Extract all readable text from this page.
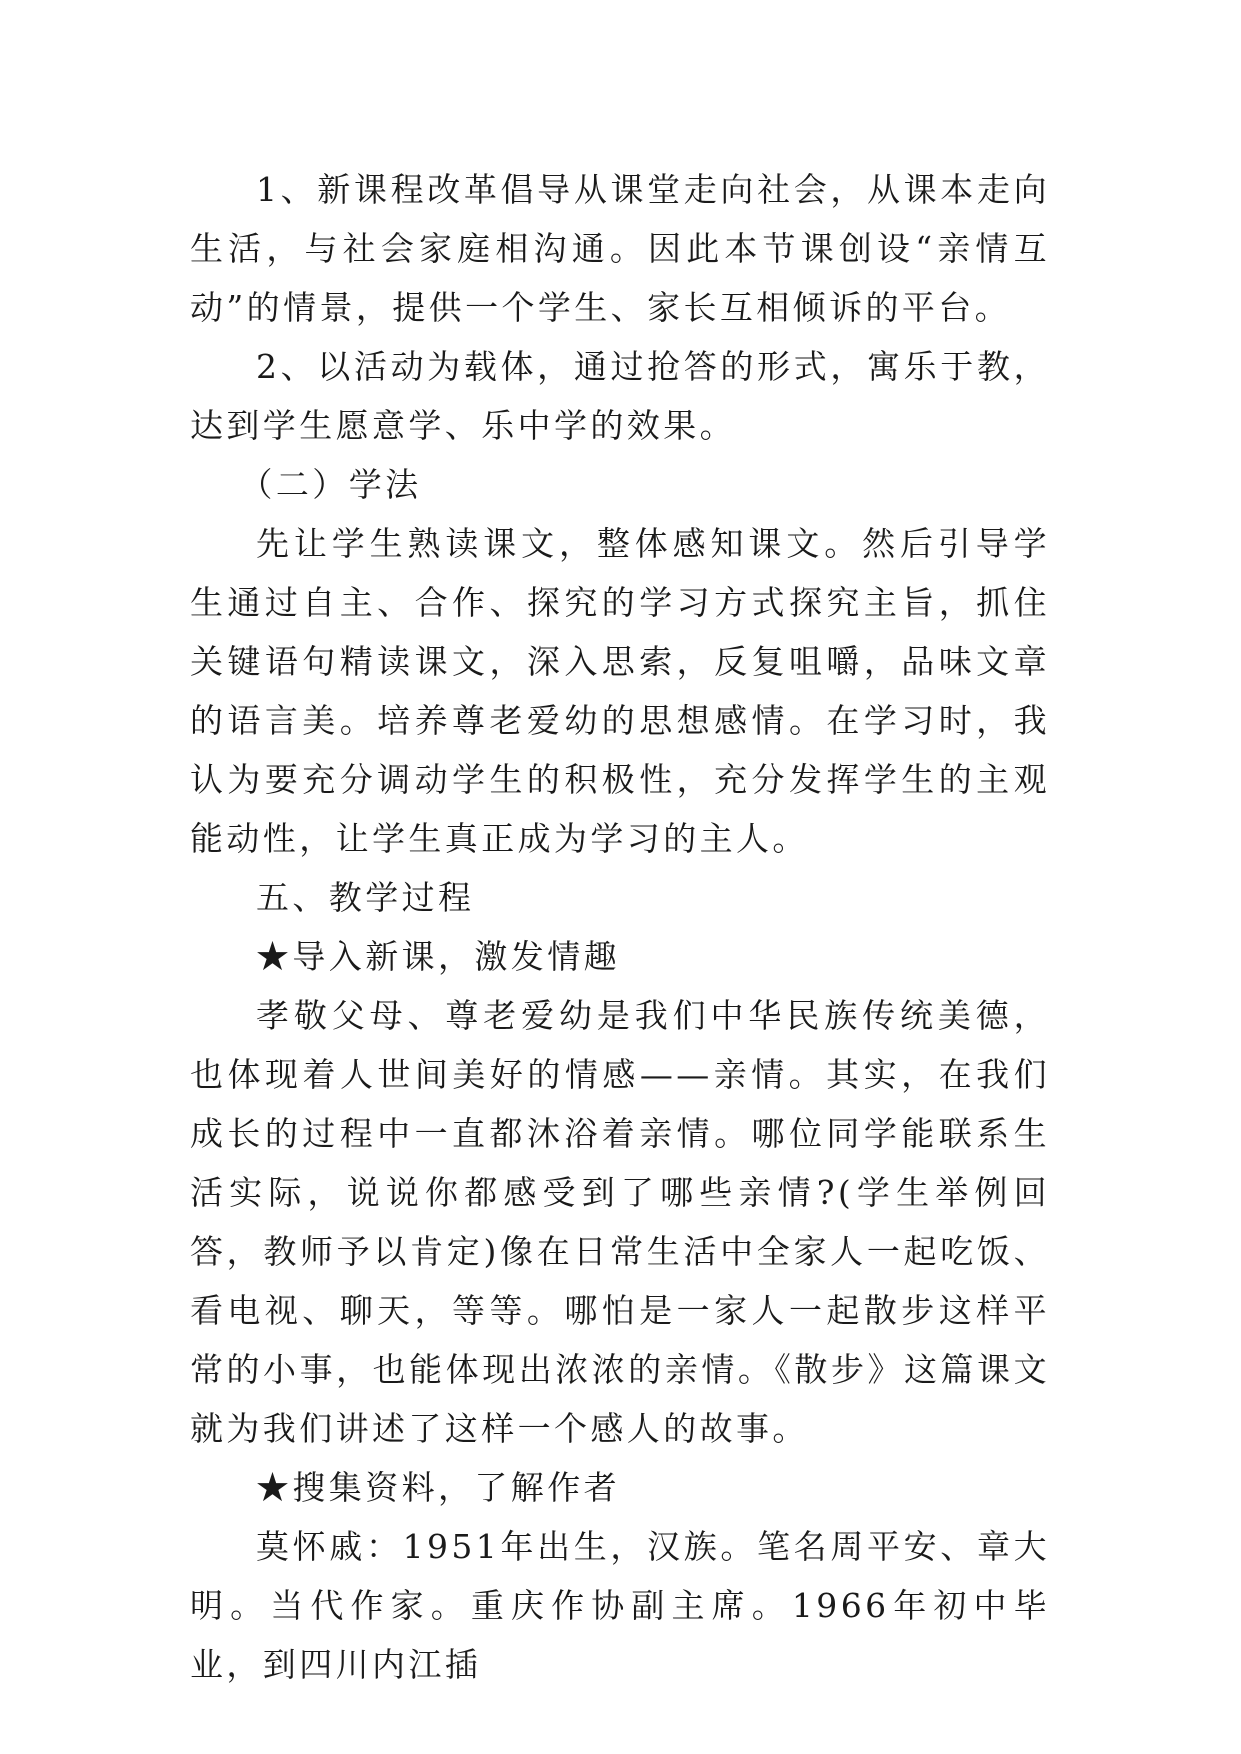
1、新课程改革倡导从课堂走向社会，从课本走向生活，与社会家庭相沟通。因此本节课创设“亲情互动”的情景，提供一个学生、家长互相倾诉的平台。

2、以活动为载体，通过抢答的形式，寓乐于教，达到学生愿意学、乐中学的效果。

（二）学法

先让学生熟读课文，整体感知课文。然后引导学生通过自主、合作、探究的学习方式探究主旨，抓住关键语句精读课文，深入思索，反复咀嚼，品味文章的语言美。培养尊老爱幼的思想感情。在学习时，我认为要充分调动学生的积极性，充分发挥学生的主观能动性，让学生真正成为学习的主人。

五、教学过程

★导入新课，激发情趣

孝敬父母、尊老爱幼是我们中华民族传统美德，也体现着人世间美好的情感——亲情。其实，在我们成长的过程中一直都沐浴着亲情。哪位同学能联系生活实际，说说你都感受到了哪些亲情?(学生举例回答，教师予以肯定)像在日常生活中全家人一起吃饭、看电视、聊天，等等。哪怕是一家人一起散步这样平常的小事，也能体现出浓浓的亲情。《散步》这篇课文就为我们讲述了这样一个感人的故事。

★搜集资料，了解作者

莫怀戚：1951年出生，汉族。笔名周平安、章大明。当代作家。重庆作协副主席。1966年初中毕业，到四川内江插
